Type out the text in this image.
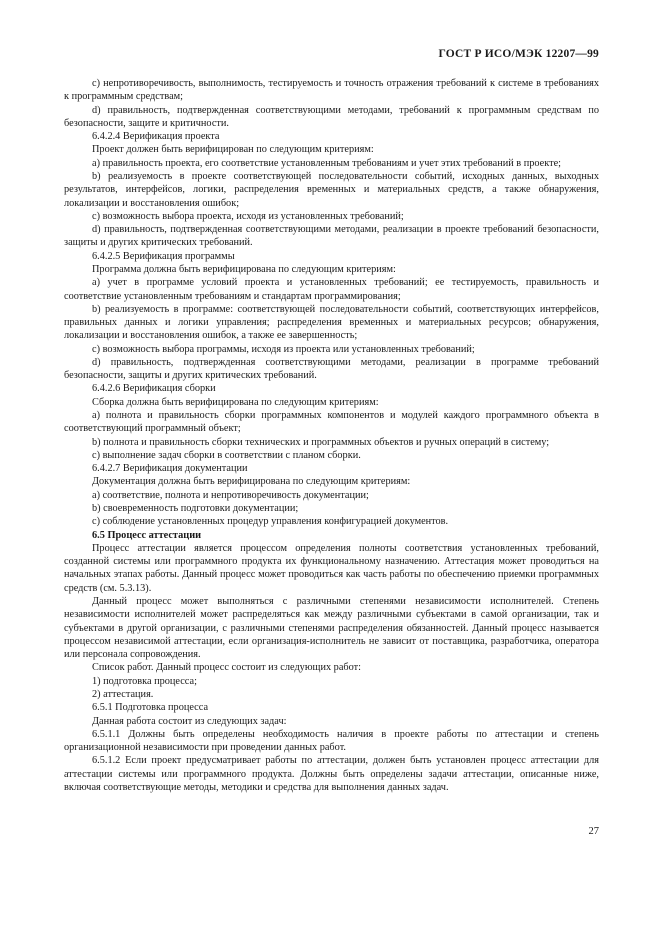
ГОСТ Р ИСО/МЭК 12207—99

c) непротиворечивость, выполнимость, тестируемость и точность отражения требований к системе в требованиях к программным средствам;

d) правильность, подтвержденная соответствующими методами, требований к программным средствам по безопасности, защите и критичности.

6.4.2.4 Верификация проекта

Проект должен быть верифицирован по следующим критериям:

a) правильность проекта, его соответствие установленным требованиям и учет этих требований в проекте;

b) реализуемость в проекте соответствующей последовательности событий, исходных данных, выходных результатов, интерфейсов, логики, распределения временных и материальных средств, а также обнаружения, локализации и восстановления ошибок;

c) возможность выбора проекта, исходя из установленных требований;

d) правильность, подтвержденная соответствующими методами, реализации в проекте требований безопасности, защиты и других критических требований.

6.4.2.5 Верификация программы

Программа должна быть верифицирована по следующим критериям:

a) учет в программе условий проекта и установленных требований; ее тестируемость, правильность и соответствие установленным требованиям и стандартам программирования;

b) реализуемость в программе: соответствующей последовательности событий, соответствующих интерфейсов, правильных данных и логики управления; распределения временных и материальных ресурсов; обнаружения, локализации и восстановления ошибок, а также ее завершенность;

c) возможность выбора программы, исходя из проекта или установленных требований;

d) правильность, подтвержденная соответствующими методами, реализации в программе требований безопасности, защиты и других критических требований.

6.4.2.6 Верификация сборки

Сборка должна быть верифицирована по следующим критериям:

a) полнота и правильность сборки программных компонентов и модулей каждого программного объекта в соответствующий программный объект;

b) полнота и правильность сборки технических и программных объектов и ручных операций в систему;

c) выполнение задач сборки в соответствии с планом сборки.

6.4.2.7 Верификация документации

Документация должна быть верифицирована по следующим критериям:

a) соответствие, полнота и непротиворечивость документации;

b) своевременность подготовки документации;

c) соблюдение установленных процедур управления конфигурацией документов.

6.5 Процесс аттестации

Процесс аттестации является процессом определения полноты соответствия установленных требований, созданной системы или программного продукта их функциональному назначению. Аттестация может проводиться на начальных этапах работы. Данный процесс может проводиться как часть работы по обеспечению приемки программных средств (см. 5.3.13).

Данный процесс может выполняться с различными степенями независимости исполнителей. Степень независимости исполнителей может распределяться как между различными субъектами в самой организации, так и субъектами в другой организации, с различными степенями распределения обязанностей. Данный процесс называется процессом независимой аттестации, если организация-исполнитель не зависит от поставщика, разработчика, оператора или персонала сопровождения.

Список работ. Данный процесс состоит из следующих работ:

1) подготовка процесса;

2) аттестация.

6.5.1 Подготовка процесса

Данная работа состоит из следующих задач:

6.5.1.1 Должны быть определены необходимость наличия в проекте работы по аттестации и степень организационной независимости при проведении данных работ.

6.5.1.2 Если проект предусматривает работы по аттестации, должен быть установлен процесс аттестации для аттестации системы или программного продукта. Должны быть определены задачи аттестации, описанные ниже, включая соответствующие методы, методики и средства для выполнения данных задач.

27
